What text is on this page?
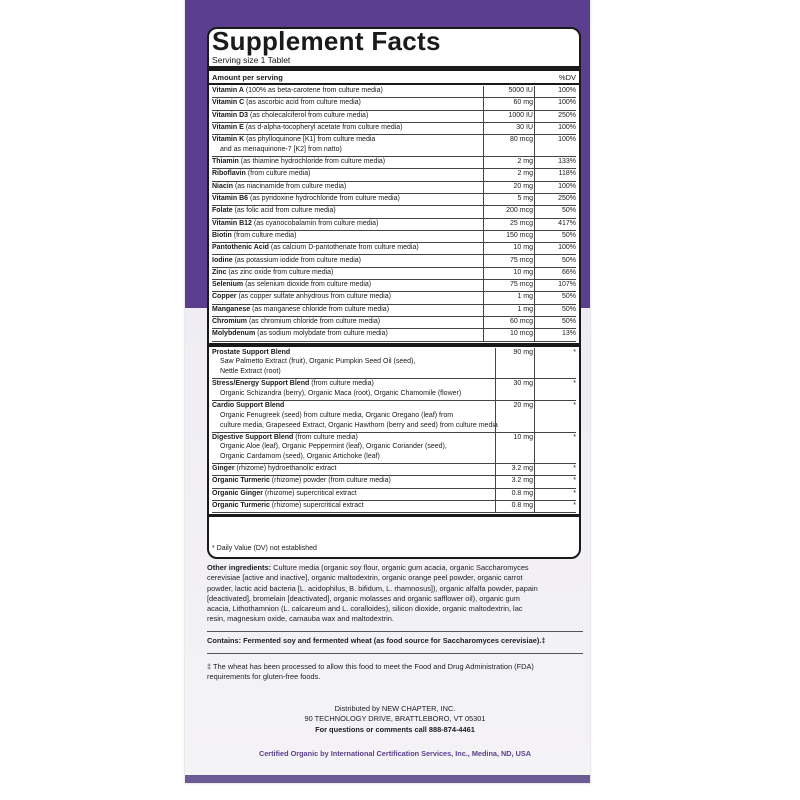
Supplement Facts
Serving size 1 Tablet
Amount per serving	%DV
Vitamin A (100% as beta-carotene from culture media)	5000 IU	100%
Vitamin C (as ascorbic acid from culture media)	60 mg	100%
Vitamin D3 (as cholecalciferol from culture media)	1000 IU	250%
Vitamin E (as d-alpha-tocopheryl acetate from culture media)	30 IU	100%
Vitamin K (as phylloquinone [K1] from culture media
and as menaquinone-7 [K2] from natto)
80 mcg	100%
Thiamin (as thiamine hydrochloride from culture media)	2 mg	133%
Riboflavin (from culture media)	2 mg	118%
Niacin (as niacinamide from culture media)	20 mg	100%
Vitamin B6 (as pyridoxine hydrochloride from culture media)	5 mg	250%
Folate (as folic acid from culture media)	200 mcg	50%
Vitamin B12 (as cyanocobalamin from culture media)	25 mcg	417%
Biotin (from culture media)	150 mcg	50%
Pantothenic Acid (as calcium D-pantothenate from culture media)	10 mg	100%
Iodine (as potassium iodide from culture media)	75 mcg	50%
Zinc (as zinc oxide from culture media)	10 mg	66%
Selenium (as selenium dioxide from culture media)	75 mcg	107%
Copper (as copper sulfate anhydrous from culture media)	1 mg	50%
Manganese (as manganese chloride from culture media)	1 mg	50%
Chromium (as chromium chloride from culture media)	60 mcg	50%
Molybdenum (as sodium molybdate from culture media)	10 mcg	13%
Prostate Support Blend
Saw Palmetto Extract (fruit), Organic Pumpkin Seed Oil (seed),
Nettle Extract (root)
90 mg	*
Stress/Energy Support Blend (from culture media)
Organic Schizandra (berry), Organic Maca (root), Organic Chamomile (flower)
30 mg	*
Cardio Support Blend
Organic Fenugreek (seed) from culture media, Organic Oregano (leaf) from
culture media, Grapeseed Extract, Organic Hawthorn (berry and seed) from culture media
20 mg	*
Digestive Support Blend (from culture media)
Organic Aloe (leaf), Organic Peppermint (leaf), Organic Coriander (seed),
Organic Cardamom (seed), Organic Artichoke (leaf)
10 mg	*
Ginger (rhizome) hydroethanolic extract	3.2 mg	*
Organic Turmeric (rhizome) powder (from culture media)	3.2 mg	*
Organic Ginger (rhizome) supercritical extract	0.8 mg	*
Organic Turmeric (rhizome) supercritical extract	0.8 mg	*
* Daily Value (DV) not established
Other ingredients: Culture media (organic soy flour, organic gum acacia, organic Saccharomyces
cerevisiae [active and inactive], organic maltodextrin, organic orange peel powder, organic carrot
powder, lactic acid bacteria [L. acidophilus, B. bifidum, L. rhamnosus]), organic alfalfa powder, papain
[deactivated], bromelain [deactivated], organic molasses and organic safflower oil), organic gum
acacia, Lithothamnion (L. calcareum and L. coralloides), silicon dioxide, organic maltodextrin, lac
resin, magnesium oxide, carnauba wax and maltodextrin.
Contains: Fermented soy and fermented wheat (as food source for Saccharomyces cerevisiae).‡
‡ The wheat has been processed to allow this food to meet the Food and Drug Administration (FDA)
requirements for gluten-free foods.
Distributed by NEW CHAPTER, INC.
90 TECHNOLOGY DRIVE, BRATTLEBORO, VT 05301
For questions or comments call 888-874-4461
Certified Organic by International Certification Services, Inc., Medina, ND, USA
